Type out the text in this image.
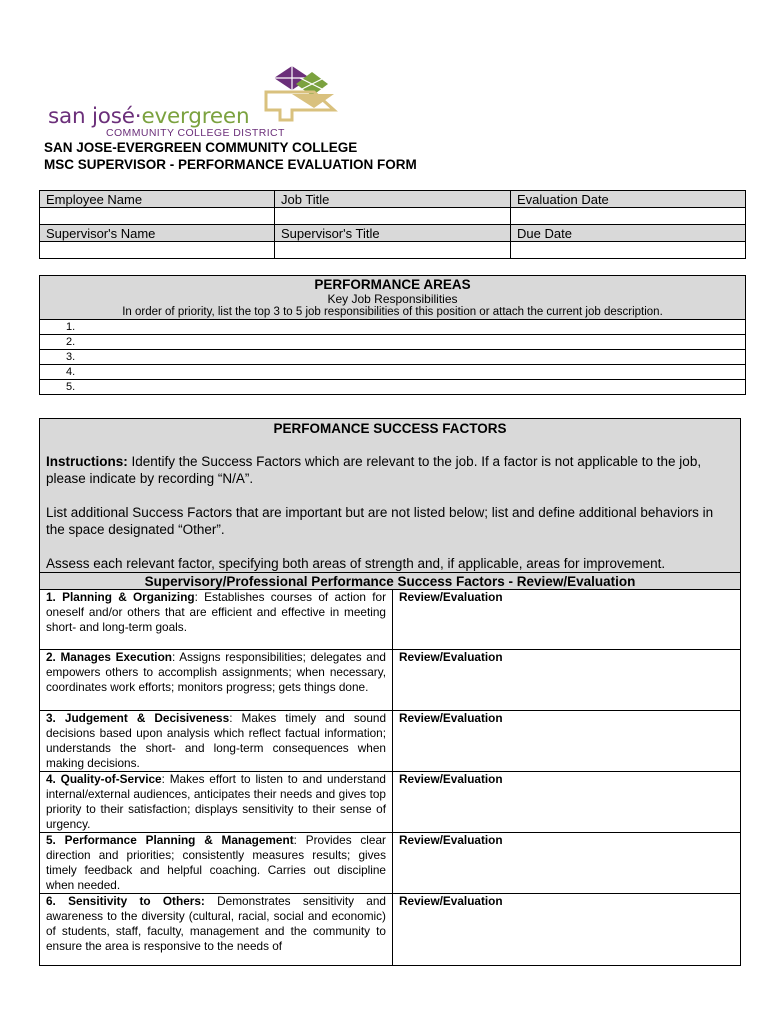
san josé·evergreen
COMMUNITY COLLEGE DISTRICT
SAN JOSE-EVERGREEN COMMUNITY COLLEGE
MSC SUPERVISOR - PERFORMANCE EVALUATION FORM
Employee Name	Job Title	Evaluation Date

Supervisor's Name	Supervisor's Title	Due Date

PERFORMANCE AREAS
Key Job Responsibilities
In order of priority, list the top 3 to 5 job responsibilities of this position or attach the current job description.

1.
2.
3.
4.
5.
PERFOMANCE SUCCESS FACTORS

Instructions: Identify the Success Factors which are relevant to the job. If a factor is not applicable to the job, please indicate by recording “N/A”.

List additional Success Factors that are important but are not listed below; list and define additional behaviors in the space designated “Other”.

Assess each relevant factor, specifying both areas of strength and, if applicable, areas for improvement.	

Supervisory/Professional Performance Success Factors - Review/Evaluation	
1. Planning & Organizing: Establishes courses of action for oneself and/or others that are efficient and effective in meeting short- and long-term goals.	Review/Evaluation
2. Manages Execution: Assigns responsibilities; delegates and empowers others to accomplish assignments; when necessary, coordinates work efforts; monitors progress; gets things done.	Review/Evaluation
3. Judgement & Decisiveness: Makes timely and sound decisions based upon analysis which reflect factual information; understands the short- and long-term consequences when making decisions.	Review/Evaluation
4. Quality-of-Service: Makes effort to listen to and understand internal/external audiences, anticipates their needs and gives top priority to their satisfaction; displays sensitivity to their sense of urgency.	Review/Evaluation
5. Performance Planning & Management: Provides clear direction and priorities; consistently measures results; gives timely feedback and helpful coaching. Carries out discipline when needed.	Review/Evaluation
6. Sensitivity to Others: Demonstrates sensitivity and awareness to the diversity (cultural, racial, social and economic) of students, staff, faculty, management and the community to ensure the area is responsive to the needs of	Review/Evaluation
